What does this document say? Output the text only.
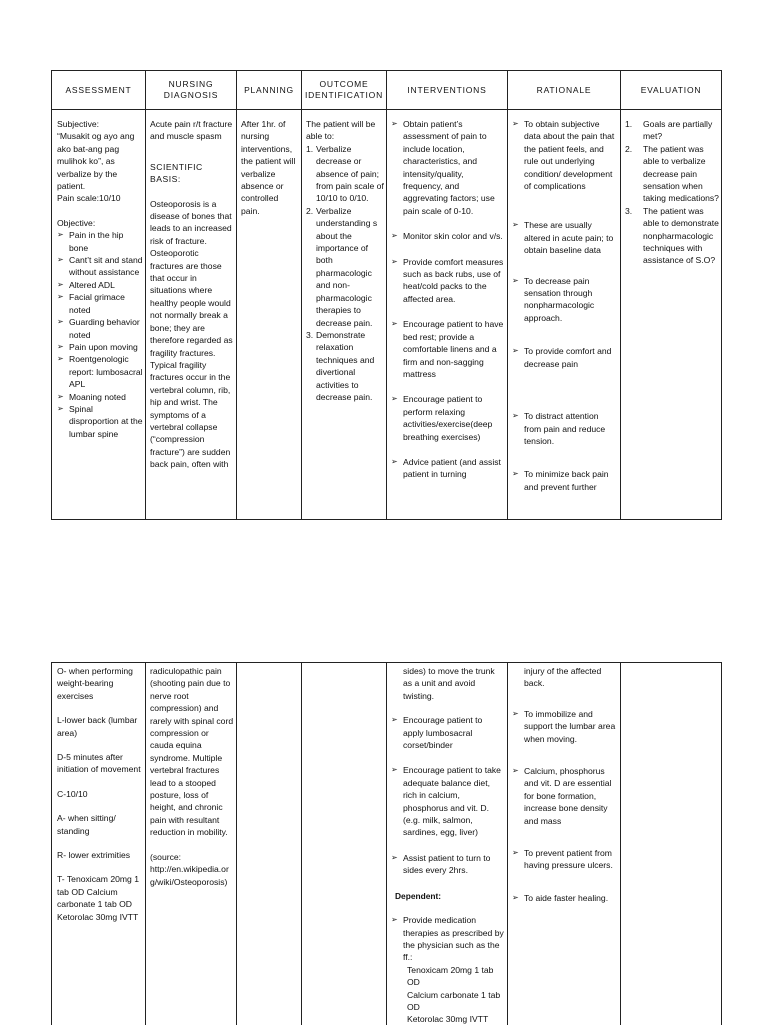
ASSESSMENT
NURSING
DIAGNOSIS
PLANNING
OUTCOME
IDENTIFICATION
INTERVENTIONS	RATIONALE	EVALUATION

Subjective:

“Musakit og ayo ang ako bat-ang pag mulihok ko”, as verbalize by the patient.

Pain scale:10/10

Objective:

➢ Pain in the hip bone
➢ Cant’t sit and stand without assistance
➢ Altered ADL
➢ Facial grimace noted
➢ Guarding behavior noted
➢ Pain upon moving
➢ Roentgenologic report: lumbosacral APL
➢ Moaning noted
➢ Spinal disproportion at the lumbar spine

Acute pain r/t fracture and muscle spasm

SCIENTIFIC BASIS:

Osteoporosis is a disease of bones that leads to an increased risk of fracture. Osteoporotic fractures are those that occur in situations where healthy people would not normally break a bone; they are therefore regarded as fragility fractures. Typical fragility fractures occur in the vertebral column, rib, hip and wrist. The symptoms of a vertebral collapse (“compression fracture”) are sudden back pain, often with

After 1hr. of nursing interventions, the patient will verbalize absence or controlled pain.

The patient will be able to:

1. Verbalize decrease or absence of pain; from pain scale of 10/10 to 0/10.
2. Verbalize understanding s about the importance of both pharmacologic and non-pharmacologic therapies to decrease pain.
3. Demonstrate relaxation techniques and divertional activities to decrease pain.
➢ Obtain patient’s assessment of pain to include location, characteristics, and intensity/quality, frequency, and aggrevating factors; use pain scale of 0-10.
➢ Monitor skin color and v/s.
➢ Provide comfort measures such as back rubs, use of heat/cold packs to the affected area.
➢ Encourage patient to have bed rest; provide a comfortable linens and a firm and non-sagging mattress
➢ Encourage patient to perform relaxing activities/exercise(deep breathing exercises)
➢ Advice patient (and assist patient in turning
➢ To obtain subjective data about the pain that the patient feels, and rule out underlying condition/ development of complications
➢ These are usually altered in acute pain; to obtain baseline data
➢ To decrease pain sensation through nonpharmacologic approach.
➢ To provide comfort and decrease pain
➢ To distract attention from pain and reduce tension.
➢ To minimize back pain and prevent further
1. Goals are partially met?
2. The patient was able to verbalize decrease pain sensation when taking medications?
3. The patient was able to demonstrate nonpharmacologic techniques with assistance of S.O?

O- when performing weight-bearing exercises

L-lower back (lumbar area)

D-5 minutes after initiation of movement

C-10/10

A- when sitting/ standing

R- lower extrimities

T- Tenoxicam 20mg 1 tab OD Calcium carbonate 1 tab OD Ketorolac 30mg IVTT

radiculopathic pain (shooting pain due to nerve root compression) and rarely with spinal cord compression or cauda equina syndrome. Multiple vertebral fractures lead to a stooped posture, loss of height, and chronic pain with resultant reduction in mobility.

(source: http://en.wikipedia.or g/wiki/Osteoporosis)

sides) to move the trunk as a unit and avoid twisting.

➢ Encourage patient to apply lumbosacral corset/binder
➢ Encourage patient to take adequate balance diet, rich in calcium, phosphorus and vit. D. (e.g. milk, salmon, sardines, egg, liver)
➢ Assist patient to turn to sides every 2hrs.

Dependent:

➢ Provide medication therapies as prescribed by the physician such as the ff.:

Tenoxicam 20mg 1 tab OD

Calcium carbonate 1 tab OD

Ketorolac 30mg IVTT

injury of the affected back.

➢ To immobilize and support the lumbar area when moving.
➢ Calcium, phosphorus and vit. D are essential for bone formation, increase bone density and mass
➢ To prevent patient from having pressure ulcers.
➢ To aide faster healing.
